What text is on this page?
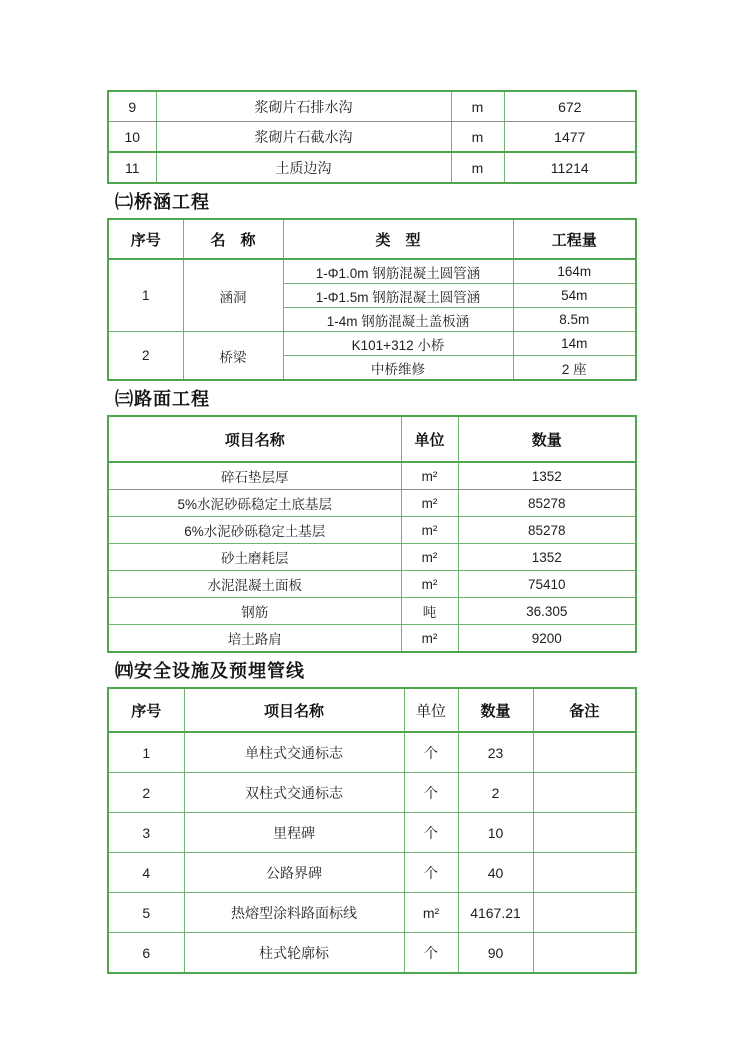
9	浆砌片石排水沟	m	672
10	浆砌片石截水沟	m	1477
11	土质边沟	m	11214
㈡桥涵工程
序号	名　称	类　型	工程量
1	涵洞	1-Φ1.0m 钢筋混凝土圆管涵	164m
		1-Φ1.5m 钢筋混凝土圆管涵	54m
		1-4m 钢筋混凝土盖板涵	8.5m
2	桥梁	K101+312 小桥	14m
		中桥维修	2 座
㈢路面工程
项目名称	单位	数量
碎石垫层厚	m²	1352
5%水泥砂砾稳定土底基层	m²	85278
6%水泥砂砾稳定土基层	m²	85278
砂土磨耗层	m²	1352
水泥混凝土面板	m²	75410
钢筋	吨	36.305
培土路肩	m²	9200
㈣安全设施及预埋管线
序号	项目名称	单位	数量	备注
1	单柱式交通标志	个	23	
2	双柱式交通标志	个	2	
3	里程碑	个	10	
4	公路界碑	个	40	
5	热熔型涂料路面标线	m²	4167.21	
6	柱式轮廓标	个	90	
